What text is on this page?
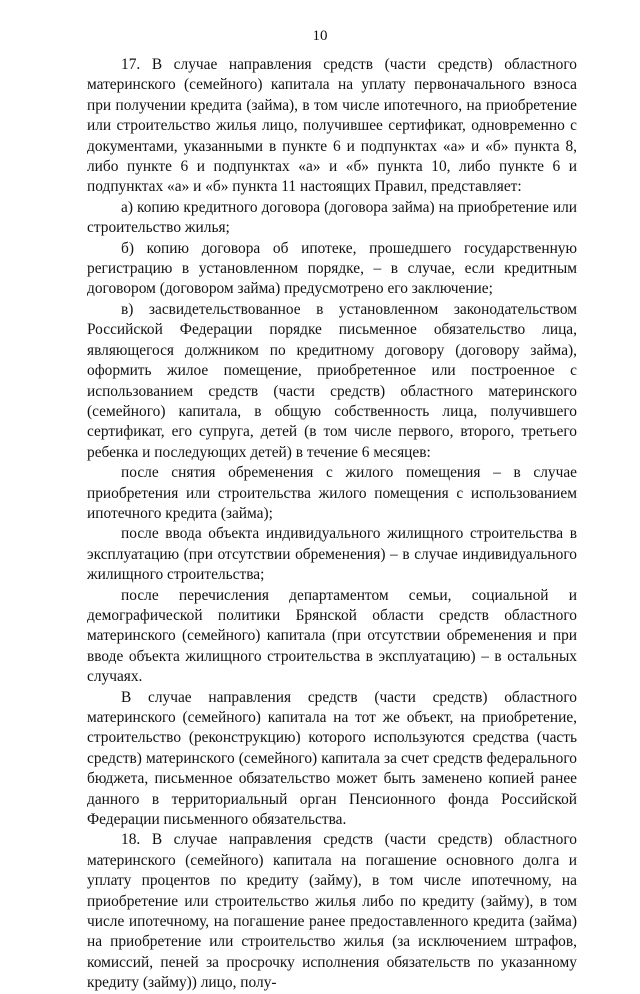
10

17. В случае направления средств (части средств) областного материнского (семейного) капитала на уплату первоначального взноса при получении кредита (займа), в том числе ипотечного, на приобретение или строительство жилья лицо, получившее сертификат, одновременно с документами, указанными в пункте 6 и подпунктах «а» и «б» пункта 8, либо пункте 6 и подпунктах «а» и «б» пункта 10, либо пункте 6 и подпунктах «а» и «б» пункта 11 настоящих Правил, представляет:

а) копию кредитного договора (договора займа) на приобретение или строительство жилья;

б) копию договора об ипотеке, прошедшего государственную регистрацию в установленном порядке, – в случае, если кредитным договором (договором займа) предусмотрено его заключение;

в) засвидетельствованное в установленном законодательством Российской Федерации порядке письменное обязательство лица, являющегося должником по кредитному договору (договору займа), оформить жилое помещение, приобретенное или построенное с использованием средств (части средств) областного материнского (семейного) капитала, в общую собственность лица, получившего сертификат, его супруга, детей (в том числе первого, второго, третьего ребенка и последующих детей) в течение 6 месяцев:

после снятия обременения с жилого помещения – в случае приобретения или строительства жилого помещения с использованием ипотечного кредита (займа);

после ввода объекта индивидуального жилищного строительства в эксплуатацию (при отсутствии обременения) – в случае индивидуального жилищного строительства;

после перечисления департаментом семьи, социальной и демографической политики Брянской области средств областного материнского (семейного) капитала (при отсутствии обременения и при вводе объекта жилищного строительства в эксплуатацию) – в остальных случаях.

В случае направления средств (части средств) областного материнского (семейного) капитала на тот же объект, на приобретение, строительство (реконструкцию) которого используются средства (часть средств) материнского (семейного) капитала за счет средств федерального бюджета, письменное обязательство может быть заменено копией ранее данного в территориальный орган Пенсионного фонда Российской Федерации письменного обязательства.

18. В случае направления средств (части средств) областного материнского (семейного) капитала на погашение основного долга и уплату процентов по кредиту (займу), в том числе ипотечному, на приобретение или строительство жилья либо по кредиту (займу), в том числе ипотечному, на погашение ранее предоставленного кредита (займа) на приобретение или строительство жилья (за исключением штрафов, комиссий, пеней за просрочку исполнения обязательств по указанному кредиту (займу)) лицо, полу-
